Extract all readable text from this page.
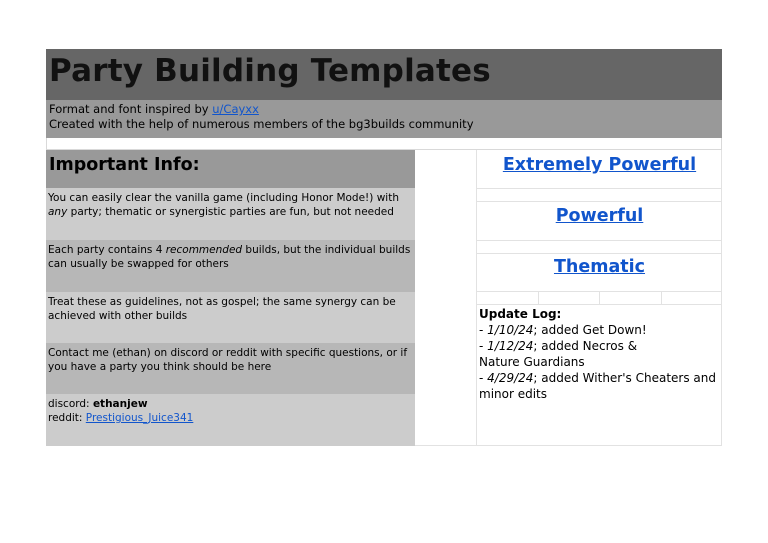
Party Building Templates
Format and font inspired by u/Cayxx
Created with the help of numerous members of the bg3builds community
Important Info:
You can easily clear the vanilla game (including Honor Mode!) with any party; thematic or synergistic parties are fun, but not needed
Each party contains 4 recommended builds, but the individual builds can usually be swapped for others
Treat these as guidelines, not as gospel; the same synergy can be achieved with other builds
Contact me (ethan) on discord or reddit with specific questions, or if you have a party you think should be here
discord: ethanjew
reddit: Prestigious_Juice341
Extremely Powerful
Powerful
Thematic
Update Log:
- 1/10/24; added Get Down!
- 1/12/24; added Necros & Nature Guardians
- 4/29/24; added Wither's Cheaters and minor edits
